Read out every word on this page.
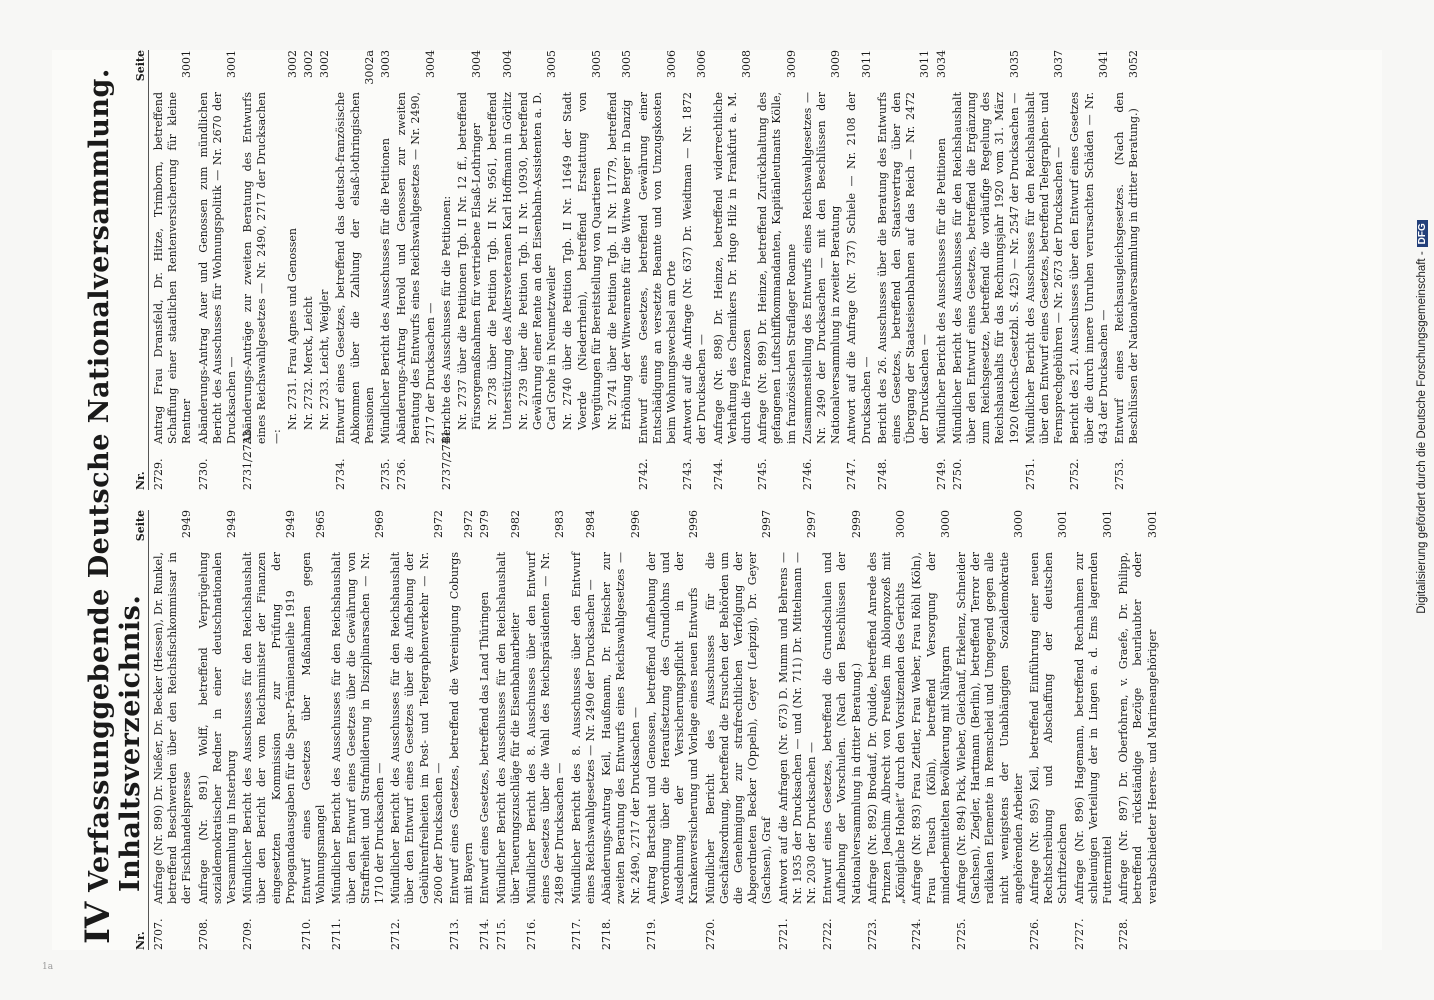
IV
Verfassunggebende Deutsche Nationalversammlung. Inhaltsverzeichnis.
Nr.
Seite
Nr.
Seite
2707.
Anfrage (Nr. 890) Dr. Nießer, Dr. Becker (Hessen), Dr. Runkel, betreffend Beschwerden über den Reichsfischkommissar in der Fischhandelspresse
2949
2708.
Anfrage (Nr. 891) Wolff, betreffend Verprügelung sozialdemokratischer Redner in einer deutschnationalen Versammlung in Insterburg
2949
2709.
Mündlicher Bericht des Ausschusses für den Reichshaushalt über den Bericht der vom Reichsminister der Finanzen eingesetzten Kommission zur Prüfung der Propagandaausgaben für die Spar-Prämienanleihe 1919
2949
2710.
Entwurf eines Gesetzes über Maßnahmen gegen Wohnungsmangel
2965
2711.
Mündlicher Bericht des Ausschusses für den Reichshaushalt über den Entwurf eines Gesetzes über die Gewährung von Straffreiheit und Strafmilderung in Disziplinarsachen — Nr. 1710 der Drucksachen —
2969
2712.
Mündlicher Bericht des Ausschusses für den Reichshaushalt über den Entwurf eines Gesetzes über die Aufhebung der Gebührenfreiheiten im Post- und Telegraphenverkehr — Nr. 2600 der Drucksachen —
2972
2713.
Entwurf eines Gesetzes, betreffend die Vereinigung Coburgs mit Bayern
2972
2714.
Entwurf eines Gesetzes, betreffend das Land Thüringen
2979
2715.
Mündlicher Bericht des Ausschusses für den Reichshaushalt über Teuerungszuschläge für die Eisenbahnarbeiter
2982
2716.
Mündlicher Bericht des 8. Ausschusses über den Entwurf eines Gesetzes über die Wahl des Reichspräsidenten — Nr. 2489 der Drucksachen —
2983
2717.
Mündlicher Bericht des 8. Ausschusses über den Entwurf eines Reichswahlgesetzes — Nr. 2490 der Drucksachen —
2984
2718.
Abänderungs-Antrag Keil, Haußmann, Dr. Fleischer zur zweiten Beratung des Entwurfs eines Reichswahlgesetzes — Nr. 2490, 2717 der Drucksachen —
2996
2719.
Antrag Bartschat und Genossen, betreffend Aufhebung der Verordnung über die Heraufsetzung des Grundlohns und Ausdehnung der Versicherungspflicht in der Krankenversicherung und Vorlage eines neuen Entwurfs
2996
2720.
Mündlicher Bericht des Ausschusses für die Geschäftsordnung, betreffend die Ersuchen der Behörden um die Genehmigung zur strafrechtlichen Verfolgung der Abgeordneten Becker (Oppeln), Geyer (Leipzig), Dr. Geyer (Sachsen), Graf
2997
2721.
Antwort auf die Anfragen (Nr. 673) D. Mumm und Behrens — Nr. 1935 der Drucksachen — und (Nr. 711) Dr. Mittelmann — Nr. 2030 der Drucksachen —
2997
2722.
Entwurf eines Gesetzes, betreffend die Grundschulen und Aufhebung der Vorschulen. (Nach den Beschlüssen der Nationalversammlung in dritter Beratung.)
2999
2723.
Anfrage (Nr. 892) Brodauf, Dr. Quidde, betreffend Anrede des Prinzen Joachim Albrecht von Preußen im Ablonprozeß mit „Königliche Hoheit“ durch den Vorsitzenden des Gerichts
3000
2724.
Anfrage (Nr. 893) Frau Zettler, Frau Weber, Frau Röhl (Köln), Frau Teusch (Köln), betreffend Versorgung der minderbemittelten Bevölkerung mit Nährgarn
3000
2725.
Anfrage (Nr. 894) Pick, Wieber, Gleichauf, Erkelenz, Schneider (Sachsen), Ziegler, Hartmann (Berlin), betreffend Terror der radikalen Elemente in Remscheid und Umgegend gegen alle nicht wenigstens der Unabhängigen Sozialdemokratie angehörenden Arbeiter
3000
2726.
Anfrage (Nr. 895) Keil, betreffend Einführung einer neuen Rechtschreibung und Abschaffung der deutschen Schriftzeichen
3001
2727.
Anfrage (Nr. 896) Hagemann, betreffend Rechnahmen zur schleunigen Verteilung der in Lingen a. d. Ems lagernden Futtermittel
3001
2728.
Anfrage (Nr. 897) Dr. Oberfohren, v. Graefe, Dr. Philipp, betreffend rückständige Bezüge beurlaubter oder verabschiedeter Heeres- und Marineangehöriger
3001
2729.
Antrag Frau Dransfeld, Dr. Hitze, Trimborn, betreffend Schaffung einer staatlichen Rentenversicherung für kleine Rentner
3001
2730.
Abänderungs-Antrag Auer und Genossen zum mündlichen Bericht des Ausschusses für Wohnungspolitik — Nr. 2670 der Drucksachen —
3001
2731/2733.
Abänderungs-Anträge zur zweiten Beratung des Entwurfs eines Reichswahlgesetzes — Nr. 2490, 2717 der Drucksachen —:
Nr. 2731. Frau Agnes und Genossen
3002
Nr. 2732. Merck, Leicht
3002
Nr. 2733. Leicht, Weigler
3002
2734.
Entwurf eines Gesetzes, betreffend das deutsch-französische Abkommen über die Zahlung der elsaß-lothringischen Pensionen
3002a
2735.
Mündlicher Bericht des Ausschusses für die Petitionen
3003
2736.
Abänderungs-Antrag Herold und Genossen zur zweiten Beratung des Entwurfs eines Reichswahlgesetzes — Nr. 2490, 2717 der Drucksachen —
3004
2737/2741.
Berichte des Ausschusses für die Petitionen: Nr. 2737 über die Petitionen Tgb. II Nr. 12 ff., betreffend Fürsorgemaßnahmen für vertriebene Elsaß-Lothringer
3004
Nr. 2738 über die Petition Tgb. II Nr. 9561, betreffend Unterstützung des Altersveteranen Karl Hoffmann in Görlitz
3004
Nr. 2739 über die Petition Tgb. II Nr. 10930, betreffend Gewährung einer Rente an den Eisenbahn-Assistenten a. D. Carl Grohe in Neumetzweiler
3005
Nr. 2740 über die Petition Tgb. II Nr. 11649 der Stadt Voerde (Niederrhein), betreffend Erstattung von Vergütungen für Bereitstellung von Quartieren
3005
Nr. 2741 über die Petition Tgb. II Nr. 11779, betreffend Erhöhung der Witwenrente für die Witwe Berger in Danzig
3005
2742.
Entwurf eines Gesetzes, betreffend Gewährung einer Entschädigung an versetzte Beamte und von Umzugskosten beim Wohnungswechsel am Orte
3006
2743.
Antwort auf die Anfrage (Nr. 637) Dr. Weidtman — Nr. 1872 der Drucksachen —
3006
2744.
Anfrage (Nr. 898) Dr. Heinze, betreffend widerrechtliche Verhaftung des Chemikers Dr. Hugo Hilz in Frankfurt a. M. durch die Franzosen
3008
2745.
Anfrage (Nr. 899) Dr. Heinze, betreffend Zurückhaltung des gefangenen Luftschiffkommandanten, Kapitänleutnants Kölle, im französischen Straflager Roanne
3009
2746.
Zusammenstellung des Entwurfs eines Reichswahlgesetzes — Nr. 2490 der Drucksachen — mit den Beschlüssen der Nationalversammlung in zweiter Beratung
3009
2747.
Antwort auf die Anfrage (Nr. 737) Schiele — Nr. 2108 der Drucksachen —
3011
2748.
Bericht des 26. Ausschusses über die Beratung des Entwurfs eines Gesetzes, betreffend den Staatsvertrag über den Übergang der Staatseisenbahnen auf das Reich — Nr. 2472 der Drucksachen —
3011
2749.
Mündlicher Bericht des Ausschusses für die Petitionen
3034
2750.
Mündlicher Bericht des Ausschusses für den Reichshaushalt über den Entwurf eines Gesetzes, betreffend die Ergänzung zum Reichsgesetze, betreffend die vorläufige Regelung des Reichshaushalts für das Rechnungsjahr 1920 vom 31. März 1920 (Reichs-Gesetzbl. S. 425) — Nr. 2547 der Drucksachen —
3035
2751.
Mündlicher Bericht des Ausschusses für den Reichshaushalt über den Entwurf eines Gesetzes, betreffend Telegraphen- und Fernsprechgebühren — Nr. 2673 der Drucksachen —
3037
2752.
Bericht des 21. Ausschusses über den Entwurf eines Gesetzes über die durch innere Unruhen verursachten Schäden — Nr. 643 der Drucksachen —
3041
2753.
Entwurf eines Reichsausgleichsgesetzes. (Nach den Beschlüssen der Nationalversammlung in dritter Beratung.)
3052
Digitalisierung gefördert durch die Deutsche Forschungsgemeinschaft -DFG
1a
